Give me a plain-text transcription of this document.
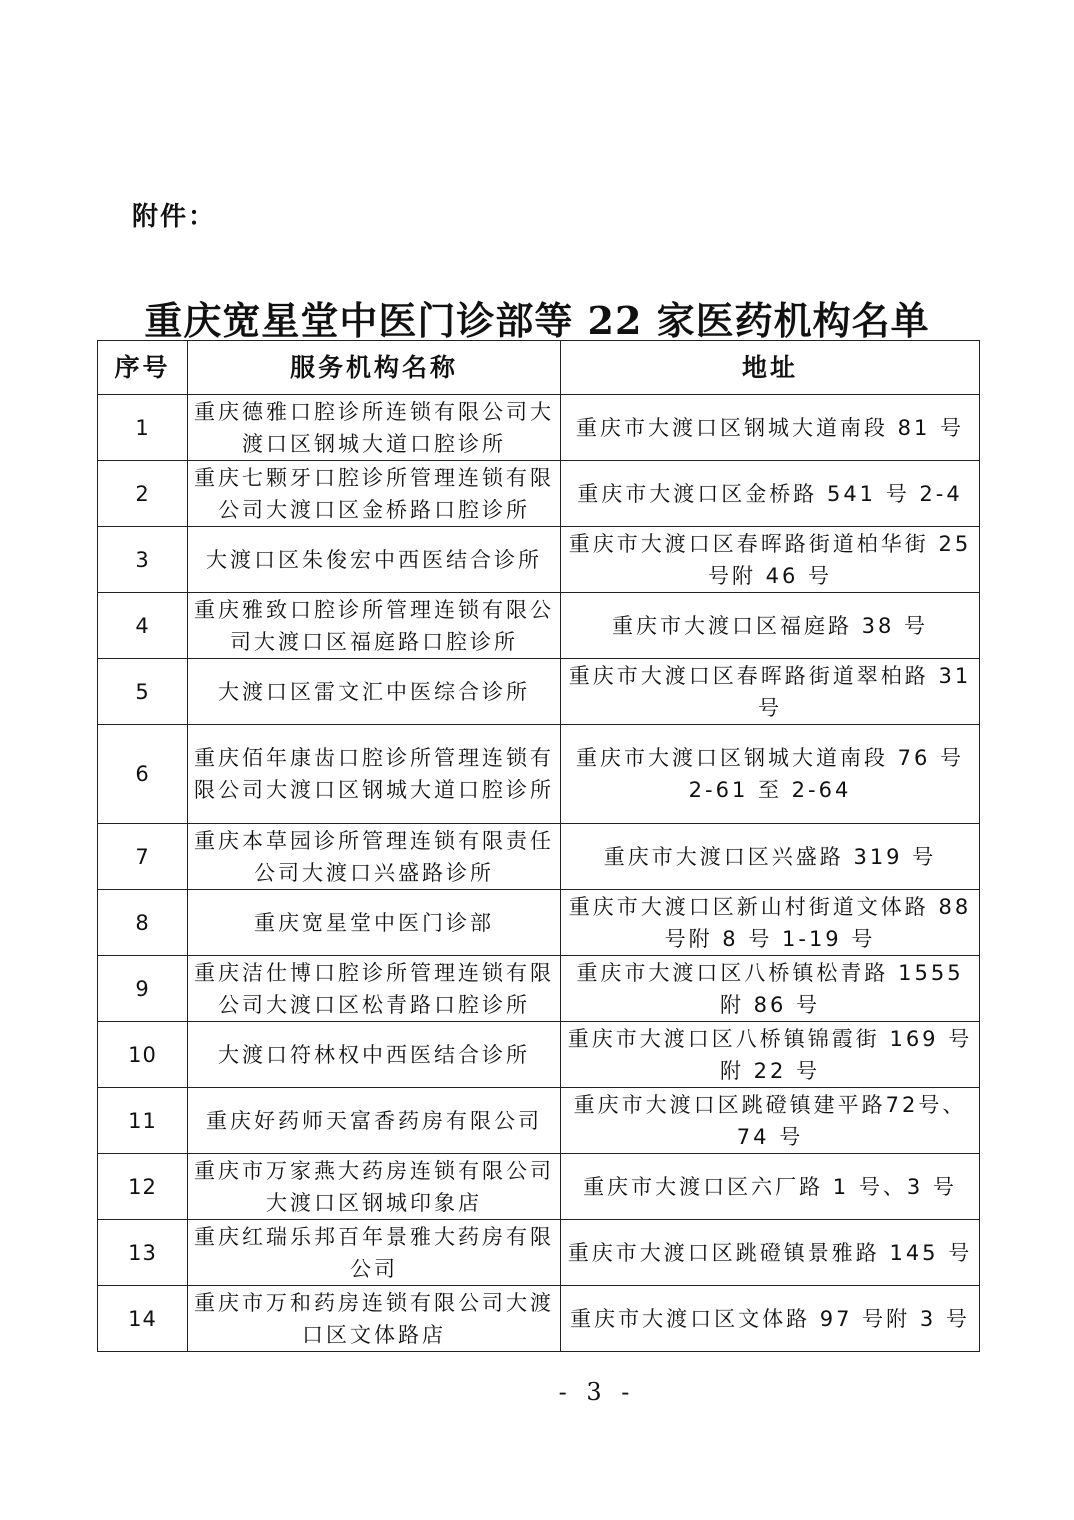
附件：
重庆宽星堂中医门诊部等 22 家医药机构名单
序号	服务机构名称	地址
1	重庆德雅口腔诊所连锁有限公司大渡口区钢城大道口腔诊所	重庆市大渡口区钢城大道南段 81 号
2	重庆七颗牙口腔诊所管理连锁有限公司大渡口区金桥路口腔诊所	重庆市大渡口区金桥路 541 号 2-4
3	大渡口区朱俊宏中西医结合诊所	重庆市大渡口区春晖路街道柏华街 25 号附 46 号
4	重庆雅致口腔诊所管理连锁有限公司大渡口区福庭路口腔诊所	重庆市大渡口区福庭路 38 号
5	大渡口区雷文汇中医综合诊所	重庆市大渡口区春晖路街道翠柏路 31 号
6	重庆佰年康齿口腔诊所管理连锁有限公司大渡口区钢城大道口腔诊所	重庆市大渡口区钢城大道南段 76 号 2-61 至 2-64
7	重庆本草园诊所管理连锁有限责任公司大渡口兴盛路诊所	重庆市大渡口区兴盛路 319 号
8	重庆宽星堂中医门诊部	重庆市大渡口区新山村街道文体路 88 号附 8 号 1-19 号
9	重庆洁仕博口腔诊所管理连锁有限公司大渡口区松青路口腔诊所	重庆市大渡口区八桥镇松青路 1555 附 86 号
10	大渡口符林权中西医结合诊所	重庆市大渡口区八桥镇锦霞街 169 号附 22 号
11	重庆好药师天富香药房有限公司	重庆市大渡口区跳磴镇建平路72号、74 号
12	重庆市万家燕大药房连锁有限公司大渡口区钢城印象店	重庆市大渡口区六厂路 1 号、3 号
13	重庆红瑞乐邦百年景雅大药房有限公司	重庆市大渡口区跳磴镇景雅路 145 号
14	重庆市万和药房连锁有限公司大渡口区文体路店	重庆市大渡口区文体路 97 号附 3 号
- 3 -
